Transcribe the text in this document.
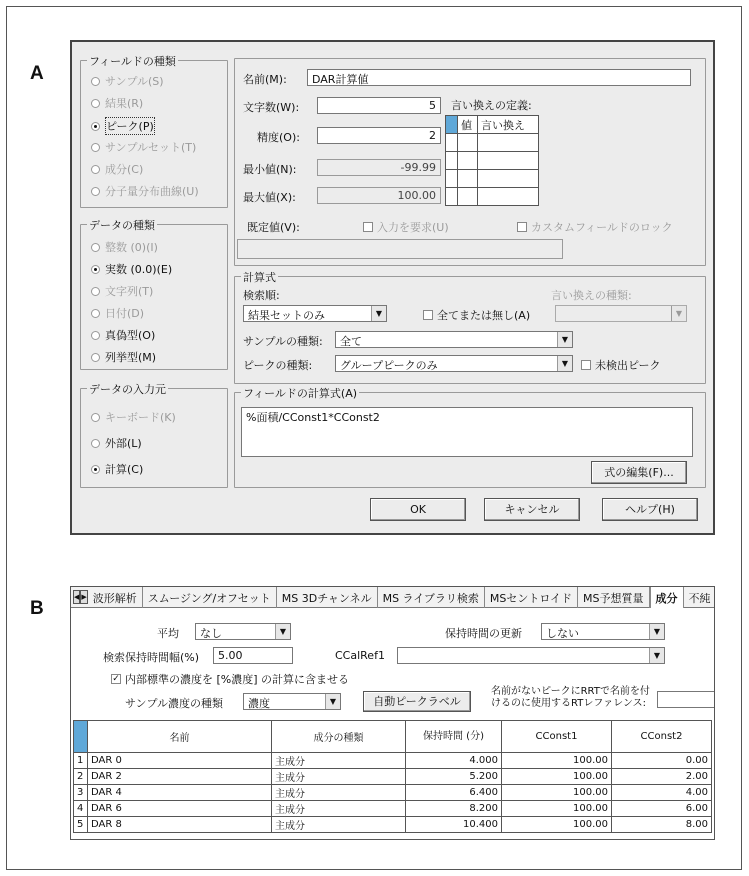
A
B
フィールドの種類
サンプル(S)
結果(R)
ピーク(P)
サンプルセット(T)
成分(C)
分子量分布曲線(U)
データの種類
整数 (0)(I)
実数 (0.0)(E)
文字列(T)
日付(D)
真偽型(O)
列挙型(M)
データの入力元
キーボード(K)
外部(L)
計算(C)
名前(M):	DAR計算値
文字数(W):	5
精度(O):	2
最小値(N):	-99.99
最大値(X):	100.00
既定値(V):	入力を要求(U)	カスタムフィールドのロック
言い換えの定義:
	値	言い換え

計算式
検索順:
結果セットのみ	▼	全てまたは無し(A)
言い換えの種類:
▼
サンプルの種類:	全て	▼
ピークの種類:	グループピークのみ	▼	未検出ピーク
フィールドの計算式(A)
%面積/CConst1*CConst2
式の編集(F)...
OK	キャンセル	ヘルプ(H)
◀ ▶ 波形解析	スムージング/オフセット	MS 3Dチャンネル	MS ライブラリ検索	MSセントロイド	MS予想質量	成分	不純
平均	なし	▼	保持時間の更新	しない	▼
検索保持時間幅(%)	5.00	CCalRef1	▼
✓ 内部標準の濃度を [%濃度] の計算に含ませる
サンプル濃度の種類	濃度	▼	自動ピークラベル
名前がないピークにRRTで名前を付けるのに使用するRTレファレンス:
	名前	成分の種類	保持時間 (分)	CConst1	CConst2
1	DAR 0	主成分	4.000	100.00	0.00
2	DAR 2	主成分	5.200	100.00	2.00
3	DAR 4	主成分	6.400	100.00	4.00
4	DAR 6	主成分	8.200	100.00	6.00
5	DAR 8	主成分	10.400	100.00	8.00
